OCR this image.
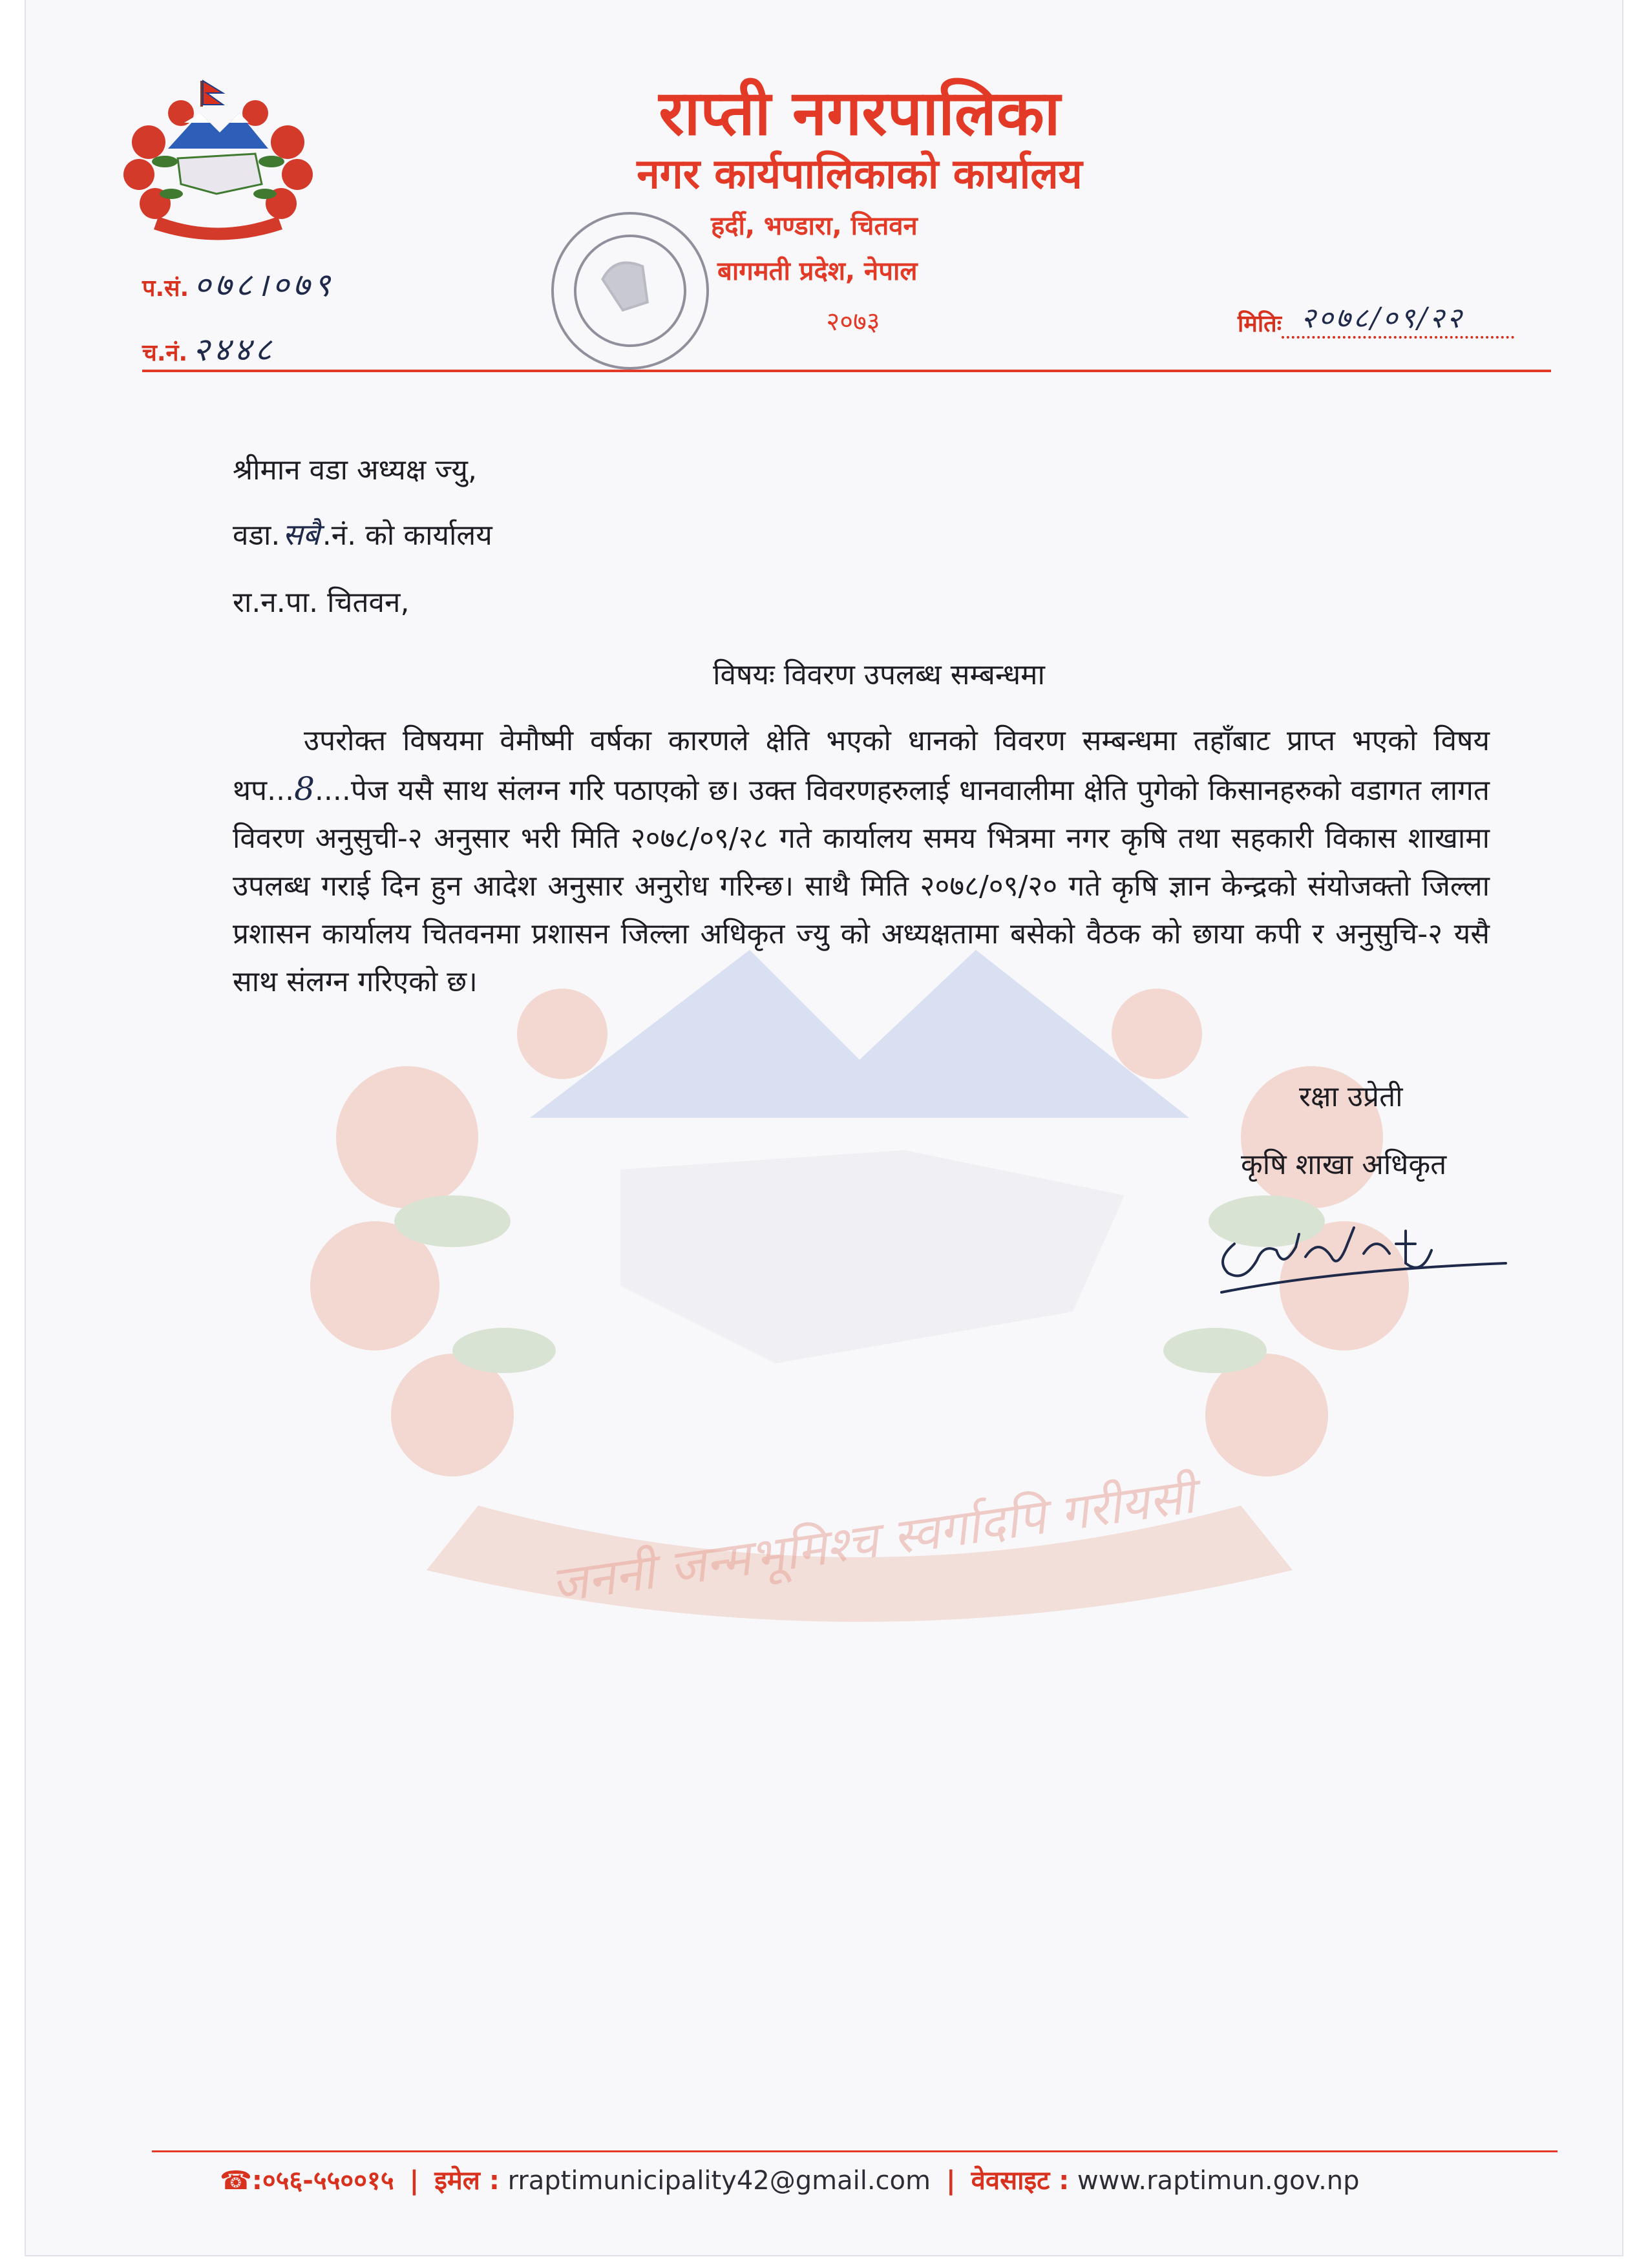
जननी जन्मभूमिश्च स्वर्गादपि गरीयसी
राप्ती नगरपालिका
नगर कार्यपालिकाको कार्यालय
हर्दी, भण्डारा, चितवन
बागमती प्रदेश, नेपाल
२०७३
प.सं. ०७८।०७९
च.नं. २४४८
मितिः २०७८/०९/२२
श्रीमान वडा अध्यक्ष ज्यु,
वडा.सबै.नं. को कार्यालय
रा.न.पा. चितवन,
विषयः विवरण उपलब्ध सम्बन्धमा
उपरोक्त विषयमा वेमौष्मी वर्षका कारणले क्षेति भएको धानको विवरण सम्बन्धमा तहाँबाट प्राप्त भएको विषय थप...8....पेज यसै साथ संलग्न गरि पठाएको छ। उक्त विवरणहरुलाई धानवालीमा क्षेति पुगेको किसानहरुको वडागत लागत विवरण अनुसुची-२ अनुसार भरी मिति २०७८/०९/२८ गते कार्यालय समय भित्रमा नगर कृषि तथा सहकारी विकास शाखामा उपलब्ध गराई दिन हुन आदेश अनुसार अनुरोध गरिन्छ। साथै मिति २०७८/०९/२० गते कृषि ज्ञान केन्द्रको संयोजक्तो जिल्ला प्रशासन कार्यालय चितवनमा प्रशासन जिल्ला अधिकृत ज्यु को अध्यक्षतामा बसेको वैठक को छाया कपी र अनुसुचि-२ यसै साथ संलग्न गरिएको छ।
रक्षा उप्रेती
कृषि शाखा अधिकृत
☎:०५६-५५००१५ | इमेल : rraptimunicipality42@gmail.com | वेवसाइट : www.raptimun.gov.np
